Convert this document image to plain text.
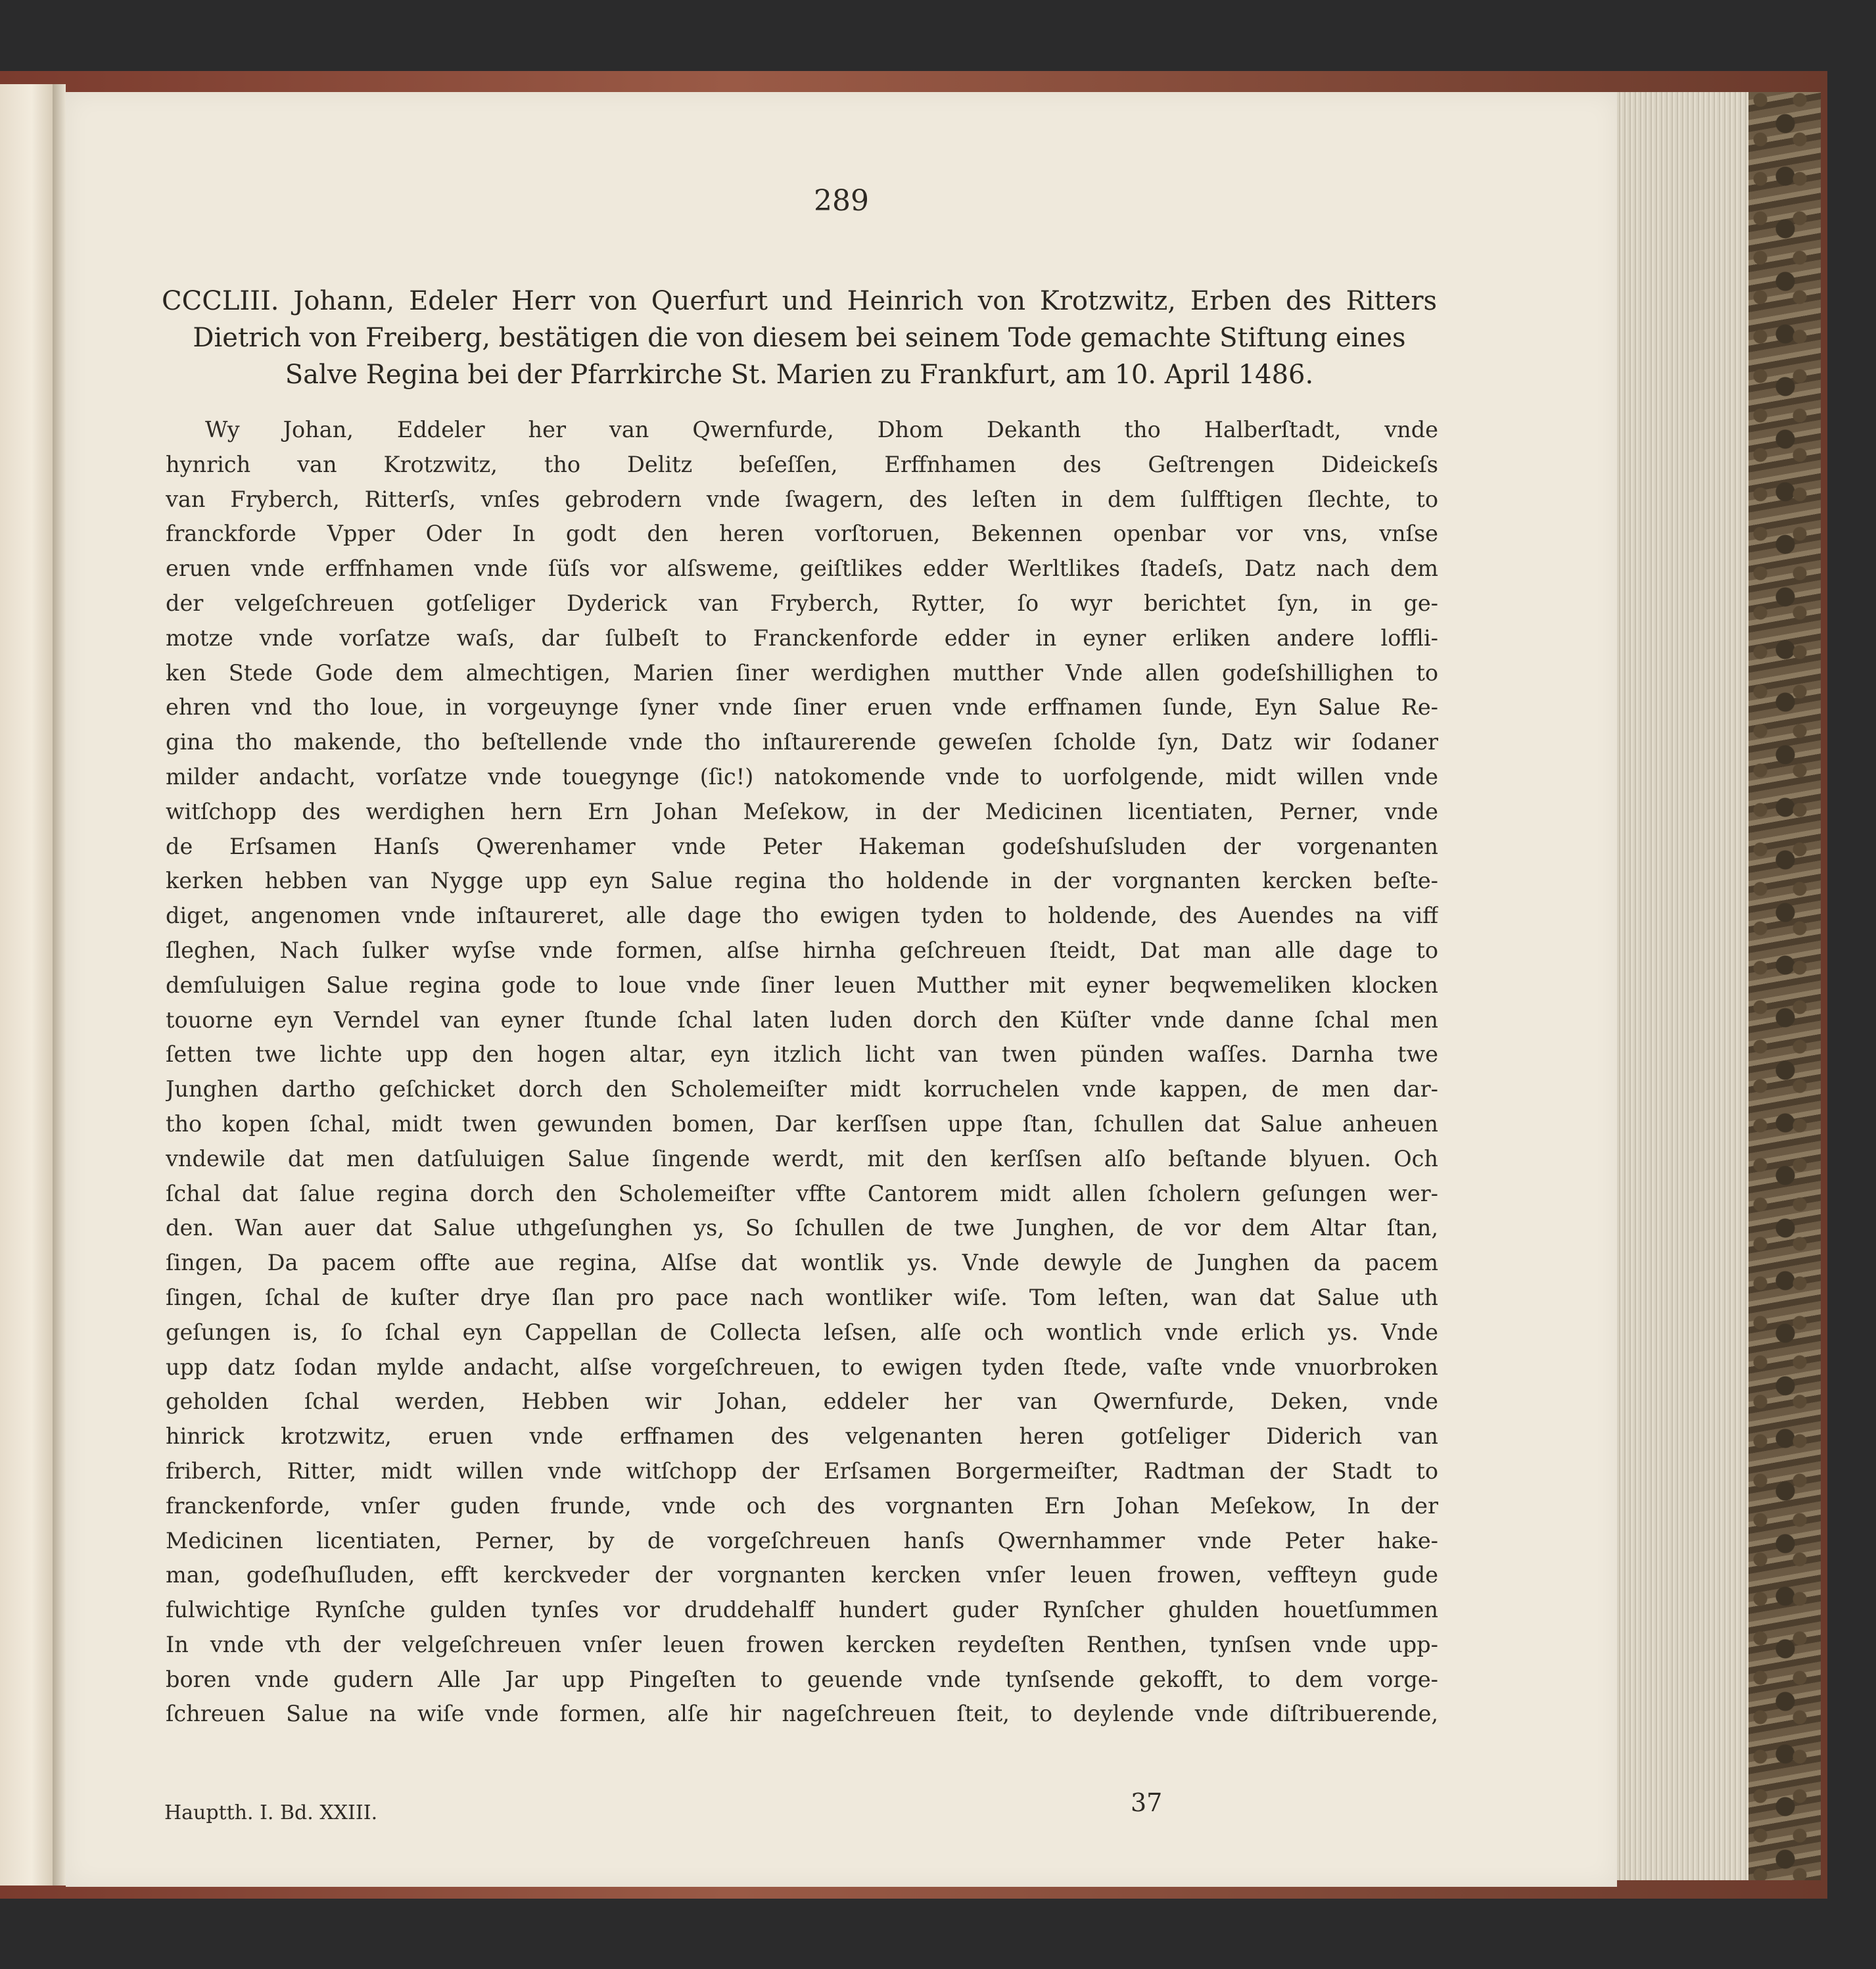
289
CCCLIII. Johann, Edeler Herr von Querfurt und Heinrich von Krotzwitz, Erben des Ritters
Dietrich von Freiberg, bestätigen die von diesem bei seinem Tode gemachte Stiftung eines
Salve Regina bei der Pfarrkirche St. Marien zu Frankfurt, am 10. April 1486.
Wy Johan, Eddeler her van Qwernfurde, Dhom Dekanth tho Halberſtadt, vnde
hynrich van Krotzwitz, tho Delitz beſeſſen, Erffnhamen des Geſtrengen Dideickeſs
van Fryberch, Ritterſs, vnſes gebrodern vnde ſwagern, des leſten in dem ſulfftigen ſlechte, to
franckforde Vpper Oder In godt den heren vorſtoruen, Bekennen openbar vor vns, vnſse
eruen vnde erffnhamen vnde ſüſs vor alſsweme, geiſtlikes edder Werltlikes ſtadeſs, Datz nach dem
der velgeſchreuen gotſeliger Dyderick van Fryberch, Rytter, ſo wyr berichtet ſyn, in ge-
motze vnde vorſatze waſs, dar ſulbeſt to Franckenforde edder in eyner erliken andere loffli-
ken Stede Gode dem almechtigen, Marien ſiner werdighen mutther Vnde allen godeſshillighen to
ehren vnd tho loue, in vorgeuynge ſyner vnde ſiner eruen vnde erffnamen ſunde, Eyn Salue Re-
gina tho makende, tho beſtellende vnde tho inſtaurerende geweſen ſcholde ſyn, Datz wir ſodaner
milder andacht, vorſatze vnde touegynge (ſic!) natokomende vnde to uorfolgende, midt willen vnde
witſchopp des werdighen hern Ern Johan Meſekow, in der Medicinen licentiaten, Perner, vnde
de Erſsamen Hanſs Qwerenhamer vnde Peter Hakeman godeſshuſsluden der vorgenanten
kerken hebben van Nygge upp eyn Salue regina tho holdende in der vorgnanten kercken beſte-
diget, angenomen vnde inſtaureret, alle dage tho ewigen tyden to holdende, des Auendes na viff
ſleghen, Nach ſulker wyſse vnde formen, alſse hirnha geſchreuen ſteidt, Dat man alle dage to
demſuluigen Salue regina gode to loue vnde ſiner leuen Mutther mit eyner beqwemeliken klocken
touorne eyn Verndel van eyner ſtunde ſchal laten luden dorch den Küſter vnde danne ſchal men
ſetten twe lichte upp den hogen altar, eyn itzlich licht van twen pünden waſſes. Darnha twe
Junghen dartho geſchicket dorch den Scholemeiſter midt korruchelen vnde kappen, de men dar-
tho kopen ſchal, midt twen gewunden bomen, Dar kerſſsen uppe ſtan, ſchullen dat Salue anheuen
vndewile dat men datſuluigen Salue ſingende werdt, mit den kerſſsen alſo beſtande blyuen. Och
ſchal dat ſalue regina dorch den Scholemeiſter vffte Cantorem midt allen ſcholern geſungen wer-
den. Wan auer dat Salue uthgeſunghen ys, So ſchullen de twe Junghen, de vor dem Altar ſtan,
ſingen, Da pacem offte aue regina, Alſse dat wontlik ys. Vnde dewyle de Junghen da pacem
ſingen, ſchal de kuſter drye ſlan pro pace nach wontliker wiſe. Tom leſten, wan dat Salue uth
geſungen is, ſo ſchal eyn Cappellan de Collecta leſsen, alſe och wontlich vnde erlich ys. Vnde
upp datz ſodan mylde andacht, alſse vorgeſchreuen, to ewigen tyden ſtede, vaſte vnde vnuorbroken
geholden ſchal werden, Hebben wir Johan, eddeler her van Qwernfurde, Deken, vnde
hinrick krotzwitz, eruen vnde erffnamen des velgenanten heren gotſeliger Diderich van
friberch, Ritter, midt willen vnde witſchopp der Erſsamen Borgermeiſter, Radtman der Stadt to
franckenforde, vnſer guden frunde, vnde och des vorgnanten Ern Johan Meſekow, In der
Medicinen licentiaten, Perner, by de vorgeſchreuen hanſs Qwernhammer vnde Peter hake-
man, godeſhuſluden, efft kerckveder der vorgnanten kercken vnſer leuen frowen, veffteyn gude
fulwichtige Rynſche gulden tynſes vor druddehalff hundert guder Rynſcher ghulden houetſummen
In vnde vth der velgeſchreuen vnſer leuen frowen kercken reydeſten Renthen, tynſsen vnde upp-
boren vnde gudern Alle Jar upp Pingeſten to geuende vnde tynſsende gekofft, to dem vorge-
ſchreuen Salue na wiſe vnde formen, alſe hir nageſchreuen ſteit, to deylende vnde diſtribuerende,
Hauptth. I. Bd. XXIII.	37
